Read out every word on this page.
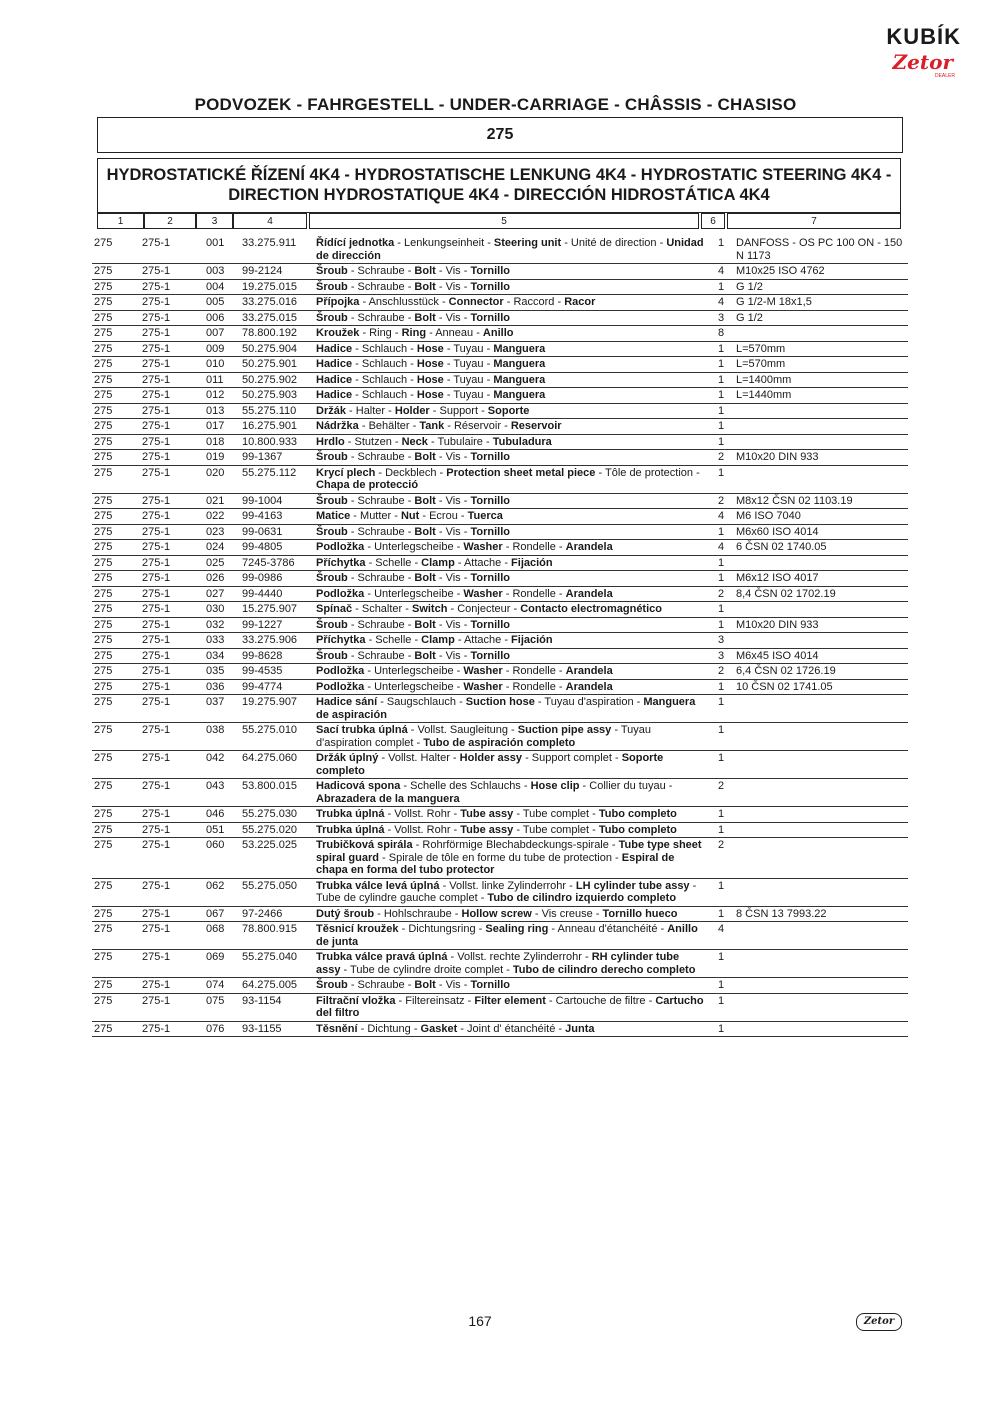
KUBÍK
Zetor
DEALER
PODVOZEK - FAHRGESTELL - UNDER-CARRIAGE - CHÂSSIS - CHASISO
275
HYDROSTATICKÉ ŘÍZENÍ 4K4 - HYDROSTATISCHE LENKUNG 4K4 - HYDROSTATIC STEERING 4K4 -
DIRECTION HYDROSTATIQUE 4K4 - DIRECCIÓN HIDROSTÁTICA 4K4
1	2	3	4	5	6	7
275	275-1	001	33.275.911	Řídící jednotka - Lenkungseinheit - Steering unit - Unité de direction - Unidad de dirección	1	DANFOSS - OS PC 100 ON - 150 N 1173
275	275-1	003	99-2124	Šroub - Schraube - Bolt - Vis - Tornillo	4	M10x25 ISO 4762
275	275-1	004	19.275.015	Šroub - Schraube - Bolt - Vis - Tornillo	1	G 1/2
275	275-1	005	33.275.016	Přípojka - Anschlusstück - Connector - Raccord - Racor	4	G 1/2-M 18x1,5
275	275-1	006	33.275.015	Šroub - Schraube - Bolt - Vis - Tornillo	3	G 1/2
275	275-1	007	78.800.192	Kroužek - Ring - Ring - Anneau - Anillo	8	
275	275-1	009	50.275.904	Hadice - Schlauch - Hose - Tuyau - Manguera	1	L=570mm
275	275-1	010	50.275.901	Hadice - Schlauch - Hose - Tuyau - Manguera	1	L=570mm
275	275-1	011	50.275.902	Hadice - Schlauch - Hose - Tuyau - Manguera	1	L=1400mm
275	275-1	012	50.275.903	Hadice - Schlauch - Hose - Tuyau - Manguera	1	L=1440mm
275	275-1	013	55.275.110	Držák - Halter - Holder - Support - Soporte	1	
275	275-1	017	16.275.901	Nádržka - Behälter - Tank - Réservoir - Reservoir	1	
275	275-1	018	10.800.933	Hrdlo - Stutzen - Neck - Tubulaire - Tubuladura	1	
275	275-1	019	99-1367	Šroub - Schraube - Bolt - Vis - Tornillo	2	M10x20 DIN 933
275	275-1	020	55.275.112	Krycí plech - Deckblech - Protection sheet metal piece - Tôle de protection - Chapa de protecció	1	
275	275-1	021	99-1004	Šroub - Schraube - Bolt - Vis - Tornillo	2	M8x12 ČSN 02 1103.19
275	275-1	022	99-4163	Matice - Mutter - Nut - Ecrou - Tuerca	4	M6 ISO 7040
275	275-1	023	99-0631	Šroub - Schraube - Bolt - Vis - Tornillo	1	M6x60 ISO 4014
275	275-1	024	99-4805	Podložka - Unterlegscheibe - Washer - Rondelle - Arandela	4	6 ČSN 02 1740.05
275	275-1	025	7245-3786	Příchytka - Schelle - Clamp - Attache - Fijación	1	
275	275-1	026	99-0986	Šroub - Schraube - Bolt - Vis - Tornillo	1	M6x12 ISO 4017
275	275-1	027	99-4440	Podložka - Unterlegscheibe - Washer - Rondelle - Arandela	2	8,4 ČSN 02 1702.19
275	275-1	030	15.275.907	Spínač - Schalter - Switch - Conjecteur - Contacto electromagnético	1	
275	275-1	032	99-1227	Šroub - Schraube - Bolt - Vis - Tornillo	1	M10x20 DIN 933
275	275-1	033	33.275.906	Příchytka - Schelle - Clamp - Attache - Fijación	3	
275	275-1	034	99-8628	Šroub - Schraube - Bolt - Vis - Tornillo	3	M6x45 ISO 4014
275	275-1	035	99-4535	Podložka - Unterlegscheibe - Washer - Rondelle - Arandela	2	6,4 ČSN 02 1726.19
275	275-1	036	99-4774	Podložka - Unterlegscheibe - Washer - Rondelle - Arandela	1	10 ČSN 02 1741.05
275	275-1	037	19.275.907	Hadice sání - Saugschlauch - Suction hose - Tuyau d'aspiration - Manguera de aspiración	1	
275	275-1	038	55.275.010	Sací trubka úplná - Vollst. Saugleitung - Suction pipe assy - Tuyau d'aspiration complet - Tubo de aspiración completo	1	
275	275-1	042	64.275.060	Držák úplný - Vollst. Halter - Holder assy - Support complet - Soporte completo	1	
275	275-1	043	53.800.015	Hadicová spona - Schelle des Schlauchs - Hose clip - Collier du tuyau - Abrazadera de la manguera	2	
275	275-1	046	55.275.030	Trubka úplná - Vollst. Rohr - Tube assy - Tube complet - Tubo completo	1	
275	275-1	051	55.275.020	Trubka úplná - Vollst. Rohr - Tube assy - Tube complet - Tubo completo	1	
275	275-1	060	53.225.025	Trubičková spirála - Rohrförmige Blechabdeckungs-spirale - Tube type sheet spiral guard - Spirale de tôle en forme du tube de protection - Espiral de chapa en forma del tubo protector	2	
275	275-1	062	55.275.050	Trubka válce levá úplná - Vollst. linke Zylinderrohr - LH cylinder tube assy - Tube de cylindre gauche complet - Tubo de cilindro izquierdo completo	1	
275	275-1	067	97-2466	Dutý šroub - Hohlschraube - Hollow screw - Vis creuse - Tornillo hueco	1	8 ČSN 13 7993.22
275	275-1	068	78.800.915	Těsnicí kroužek - Dichtungsring - Sealing ring - Anneau d'étanchéité - Anillo de junta	4	
275	275-1	069	55.275.040	Trubka válce pravá úplná - Vollst. rechte Zylinderrohr - RH cylinder tube assy - Tube de cylindre droite complet - Tubo de cilindro derecho completo	1	
275	275-1	074	64.275.005	Šroub - Schraube - Bolt - Vis - Tornillo	1	
275	275-1	075	93-1154	Filtrační vložka - Filtereinsatz - Filter element - Cartouche de filtre - Cartucho del filtro	1	
275	275-1	076	93-1155	Těsnění - Dichtung - Gasket - Joint d' étanchéité - Junta	1	
167	Zetor
